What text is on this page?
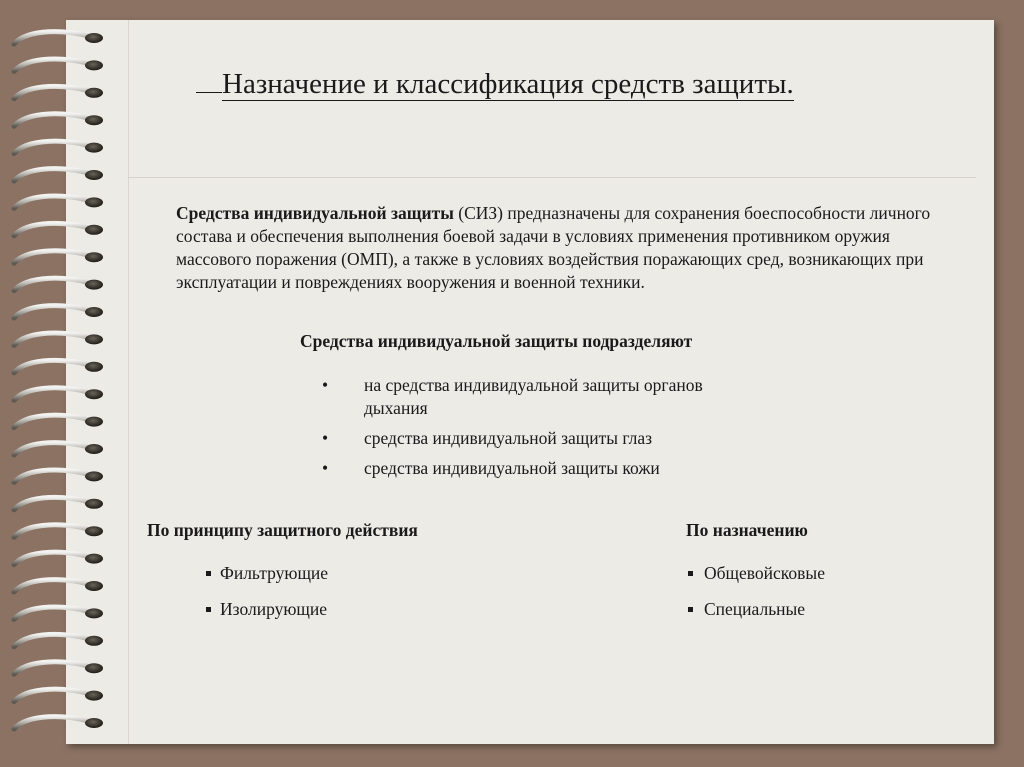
Назначение и классификация средств защиты.
Средства индивидуальной защиты (СИЗ) предназначены для сохранения боеспособности личного состава и обеспечения выполнения боевой задачи в условиях применения противником оружия массового поражения (ОМП), а также в условиях воздействия поражающих сред, возникающих при эксплуатации и повреждениях вооружения и военной техники.
Средства индивидуальной защиты подразделяют
• на средства индивидуальной защиты органов дыхания
• средства индивидуальной защиты глаз
• средства индивидуальной защиты кожи
По принципу защитного действия
Фильтрующие
Изолирующие
По назначению
Общевойсковые
Специальные
